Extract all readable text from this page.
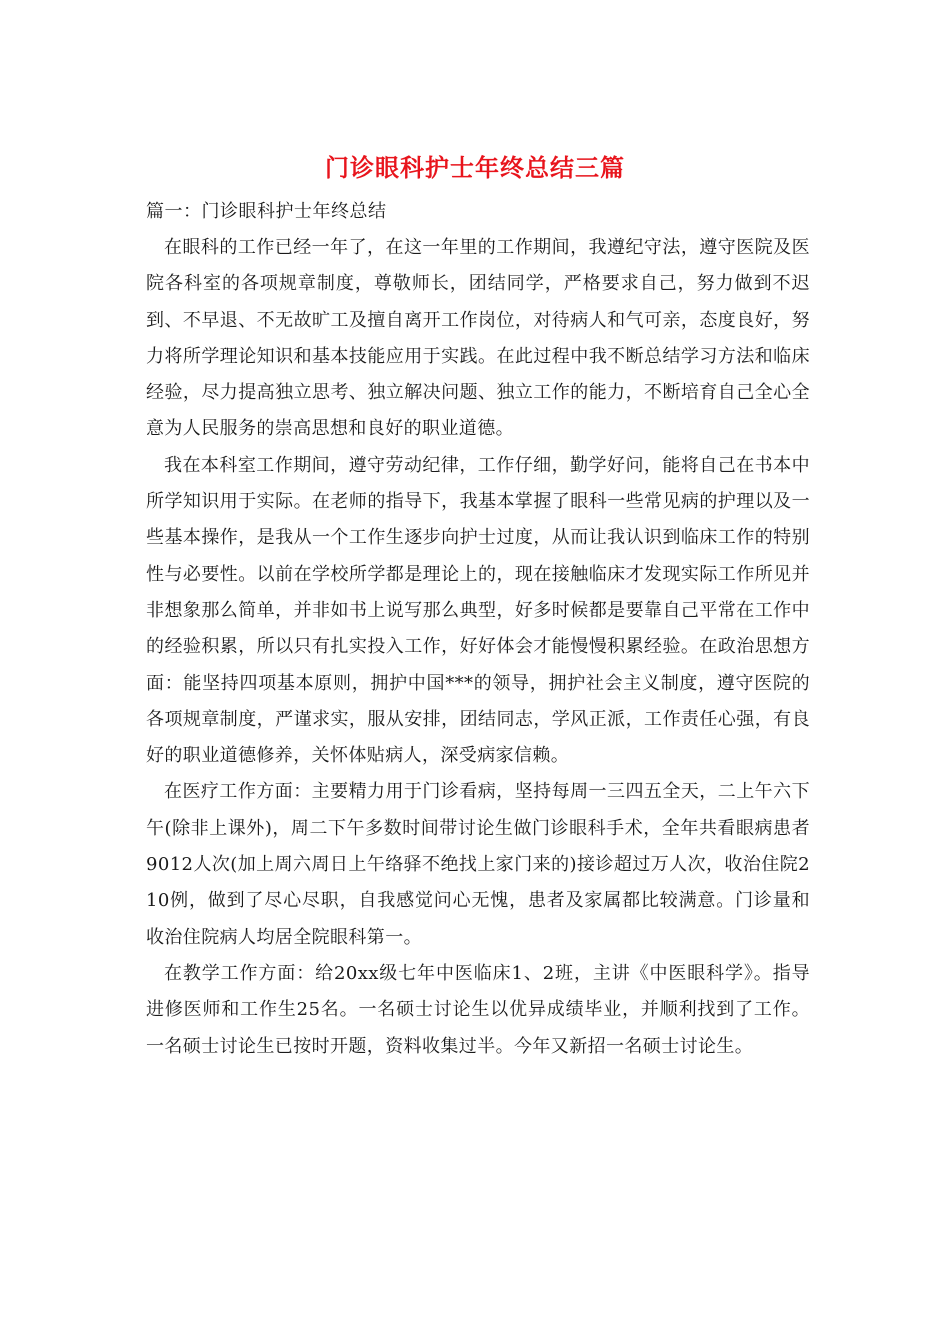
门诊眼科护士年终总结三篇
篇一：门诊眼科护士年终总结

在眼科的工作已经一年了，在这一年里的工作期间，我遵纪守法，遵守医院及医院各科室的各项规章制度，尊敬师长，团结同学，严格要求自己，努力做到不迟到、不早退、不无故旷工及擅自离开工作岗位，对待病人和气可亲，态度良好，努力将所学理论知识和基本技能应用于实践。在此过程中我不断总结学习方法和临床经验，尽力提高独立思考、独立解决问题、独立工作的能力，不断培育自己全心全意为人民服务的崇高思想和良好的职业道德。

我在本科室工作期间，遵守劳动纪律，工作仔细，勤学好问，能将自己在书本中所学知识用于实际。在老师的指导下，我基本掌握了眼科一些常见病的护理以及一些基本操作，是我从一个工作生逐步向护士过度，从而让我认识到临床工作的特别性与必要性。以前在学校所学都是理论上的，现在接触临床才发现实际工作所见并非想象那么简单，并非如书上说写那么典型，好多时候都是要靠自己平常在工作中的经验积累，所以只有扎实投入工作，好好体会才能慢慢积累经验。在政治思想方面：能坚持四项基本原则，拥护中国***的领导，拥护社会主义制度，遵守医院的各项规章制度，严谨求实，服从安排，团结同志，学风正派，工作责任心强，有良好的职业道德修养，关怀体贴病人，深受病家信赖。

在医疗工作方面：主要精力用于门诊看病，坚持每周一三四五全天，二上午六下午(除非上课外)，周二下午多数时间带讨论生做门诊眼科手术，全年共看眼病患者9012人次(加上周六周日上午络驿不绝找上家门来的)接诊超过万人次，收治住院210例，做到了尽心尽职，自我感觉问心无愧，患者及家属都比较满意。门诊量和收治住院病人均居全院眼科第一。

在教学工作方面：给20xx级七年中医临床1、2班，主讲《中医眼科学》。指导进修医师和工作生25名。一名硕士讨论生以优异成绩毕业，并顺利找到了工作。一名硕士讨论生已按时开题，资料收集过半。今年又新招一名硕士讨论生。
